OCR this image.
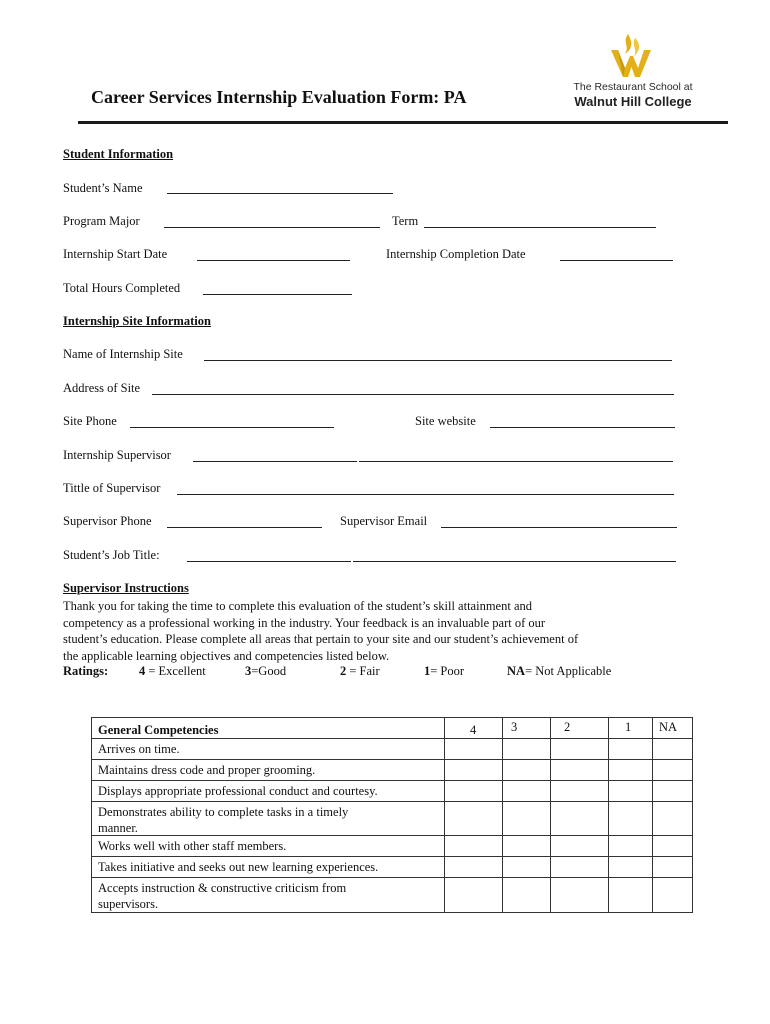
Career Services Internship Evaluation Form: PA	The Restaurant School at
Walnut Hill College
Student Information
Student’s Name
Program Major	Term
Internship Start Date	Internship Completion Date
Total Hours Completed
Internship Site Information
Name of Internship Site
Address of Site
Site Phone	Site website
Internship Supervisor
Tittle of Supervisor
Supervisor Phone	Supervisor Email
Student’s Job Title:
Supervisor Instructions
Thank you for taking the time to complete this evaluation of the student’s skill attainment and
competency as a professional working in the industry. Your feedback is an invaluable part of our
student’s education. Please complete all areas that pertain to your site and our student’s achievement of
the applicable learning objectives and competencies listed below.
Ratings: 4 = Excellent	3=Good	2 = Fair	1= Poor	NA= Not Applicable
General Competencies	4	3	2	1 NA
Arrives on time.
Maintains dress code and proper grooming.
Displays appropriate professional conduct and courtesy.
Demonstrates ability to complete tasks in a timely
manner.
Works well with other staff members.
Takes initiative and seeks out new learning experiences.
Accepts instruction & constructive criticism from
supervisors.
